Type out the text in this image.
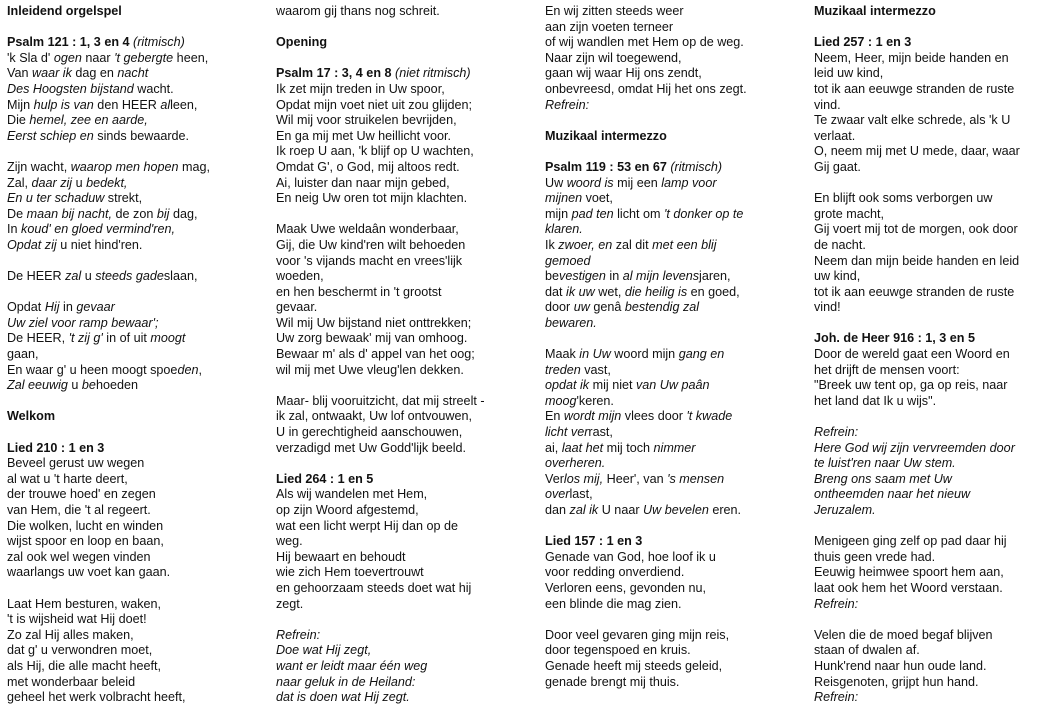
Inleidend orgelspel
Psalm 121 : 1, 3 en 4 (ritmisch)
'k Sla d' ogen naar 't gebergte heen,
Van waar ik dag en nacht
Des Hoogsten bijstand wacht.
Mijn hulp is van den HEER alleen,
Die hemel, zee en aarde,
Eerst schiep en sinds bewaarde.
Zijn wacht, waarop men hopen mag,
Zal, daar zij u bedekt,
En u ter schaduw strekt,
De maan bij nacht, de zon bij dag,
In koud' en gloed vermind'ren,
Opdat zij u niet hind'ren.
De HEER zal u steeds gadeslaan,
Opdat Hij in gevaar
Uw ziel voor ramp bewaar';
De HEER, 't zij g' in of uit moogt
gaan,
En waar g' u heen moogt spoeden,
Zal eeuwig u behoeden
Welkom
Lied 210 : 1 en 3
Beveel gerust uw wegen
al wat u 't harte deert,
der trouwe hoed' en zegen
van Hem, die 't al regeert.
Die wolken, lucht en winden
wijst spoor en loop en baan,
zal ook wel wegen vinden
waarlangs uw voet kan gaan.
Laat Hem besturen, waken,
't is wijsheid wat Hij doet!
Zo zal Hij alles maken,
dat g' u verwondren moet,
als Hij, die alle macht heeft,
met wonderbaar beleid
geheel het werk volbracht heeft,
waarom gij thans nog schreit.
Opening
Psalm 17 : 3, 4 en 8 (niet ritmisch)
Ik zet mijn treden in Uw spoor,
Opdat mijn voet niet uit zou glijden;
Wil mij voor struikelen bevrijden,
En ga mij met Uw heillicht voor.
Ik roep U aan, 'k blijf op U wachten,
Omdat G', o God, mij altoos redt.
Ai, luister dan naar mijn gebed,
En neig Uw oren tot mijn klachten.
Maak Uwe weldaân wonderbaar,
Gij, die Uw kind'ren wilt behoeden
voor 's vijands macht en vrees'lijk
woeden,
en hen beschermt in 't grootst
gevaar.
Wil mij Uw bijstand niet onttrekken;
Uw zorg bewaak' mij van omhoog.
Bewaar m' als d' appel van het oog;
wil mij met Uwe vleug'len dekken.
Maar- blij vooruitzicht, dat mij streelt -
ik zal, ontwaakt, Uw lof ontvouwen,
U in gerechtigheid aanschouwen,
verzadigd met Uw Godd'lijk beeld.
Lied 264 : 1 en 5
Als wij wandelen met Hem,
op zijn Woord afgestemd,
wat een licht werpt Hij dan op de
weg.
Hij bewaart en behoudt
wie zich Hem toevertrouwt
en gehoorzaam steeds doet wat hij
zegt.
Refrein:
Doe wat Hij zegt,
want er leidt maar één weg
naar geluk in de Heiland:
dat is doen wat Hij zegt.
En wij zitten steeds weer
aan zijn voeten terneer
of wij wandlen met Hem op de weg.
Naar zijn wil toegewend,
gaan wij waar Hij ons zendt,
onbevreesd, omdat Hij het ons zegt.
Refrein:
Muzikaal intermezzo
Psalm 119 : 53 en 67 (ritmisch)
Uw woord is mij een lamp voor
mijnen voet,
mijn pad ten licht om 't donker op te
klaren.
Ik zwoer, en zal dit met een blij
gemoed
bevestigen in al mijn levensjaren,
dat ik uw wet, die heilig is en goed,
door uw genâ bestendig zal
bewaren.
Maak in Uw woord mijn gang en
treden vast,
opdat ik mij niet van Uw paân
moog'keren.
En wordt mijn vlees door 't kwade
licht verrast,
ai, laat het mij toch nimmer
overheren.
Verlos mij, Heer', van 's mensen
overlast,
dan zal ik U naar Uw bevelen eren.
Lied 157 : 1 en 3
Genade van God, hoe loof ik u
voor redding onverdiend.
Verloren eens, gevonden nu,
een blinde die mag zien.
Door veel gevaren ging mijn reis,
door tegenspoed en kruis.
Genade heeft mij steeds geleid,
genade brengt mij thuis.
Muzikaal intermezzo
Lied 257 : 1 en 3
Neem, Heer, mijn beide handen en
leid uw kind,
tot ik aan eeuwge stranden de ruste
vind.
Te zwaar valt elke schrede, als 'k U
verlaat.
O, neem mij met U mede, daar, waar
Gij gaat.
En blijft ook soms verborgen uw
grote macht,
Gij voert mij tot de morgen, ook door
de nacht.
Neem dan mijn beide handen en leid
uw kind,
tot ik aan eeuwge stranden de ruste
vind!
Joh. de Heer 916 : 1, 3 en 5
Door de wereld gaat een Woord en
het drijft de mensen voort:
"Breek uw tent op, ga op reis, naar
het land dat Ik u wijs".
Refrein:
Here God wij zijn vervreemden door
te luist'ren naar Uw stem.
Breng ons saam met Uw
ontheemden naar het nieuw
Jeruzalem.
Menigeen ging zelf op pad daar hij
thuis geen vrede had.
Eeuwig heimwee spoort hem aan,
laat ook hem het Woord verstaan.
Refrein:
Velen die de moed begaf blijven
staan of dwalen af.
Hunk'rend naar hun oude land.
Reisgenoten, grijpt hun hand.
Refrein:
